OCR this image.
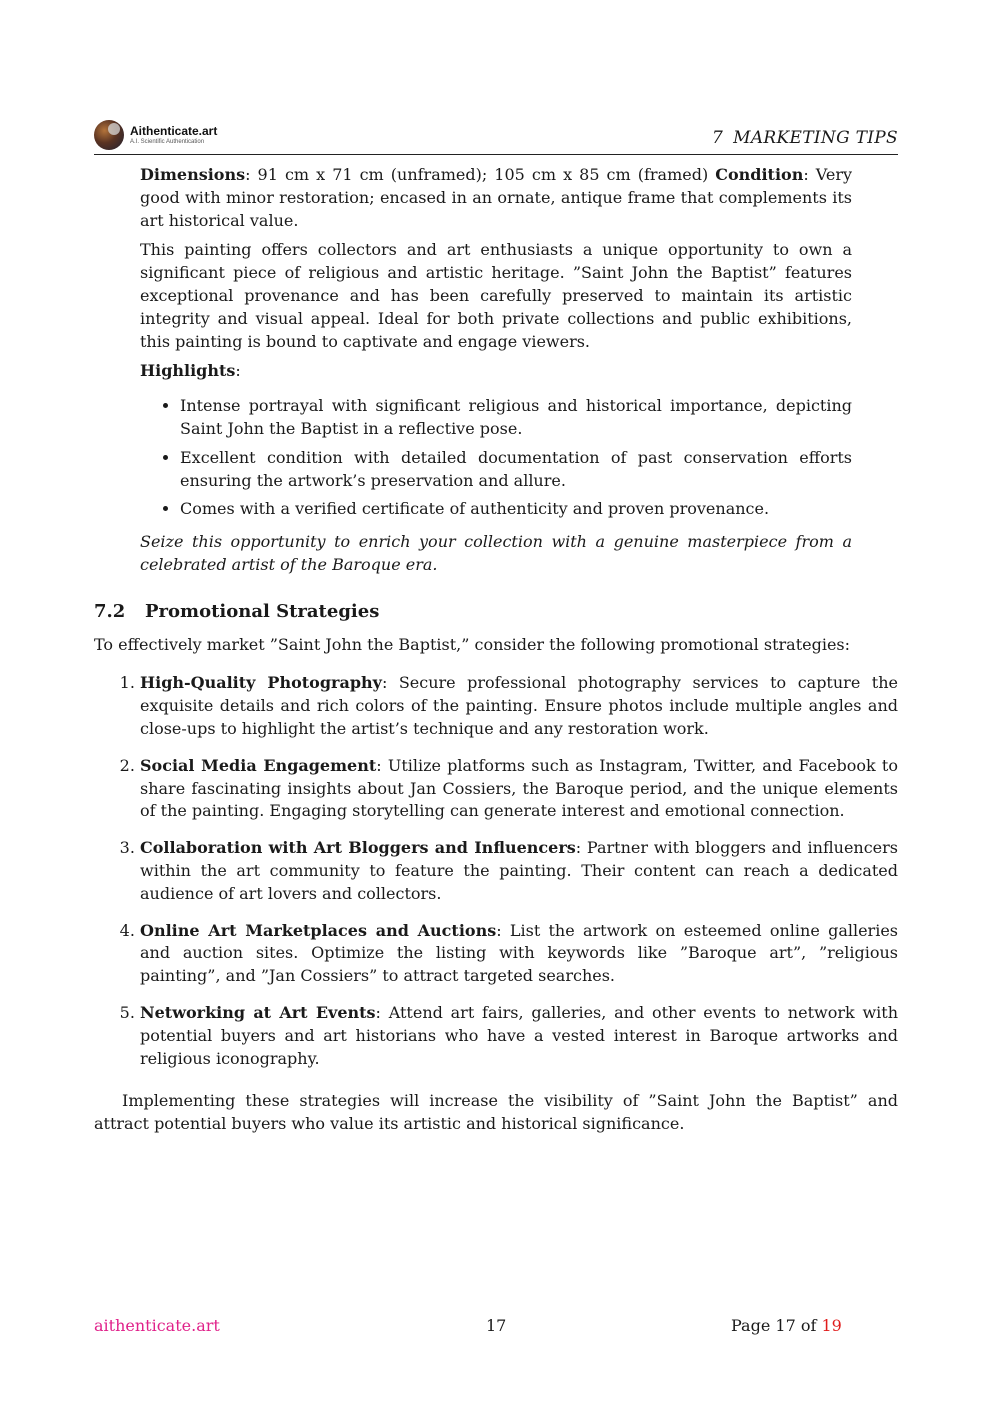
Aithenticate.art
A.I. Scientific Authentication	7 MARKETING TIPS

Dimensions: 91 cm x 71 cm (unframed); 105 cm x 85 cm (framed) Condition: Very good with minor restoration; encased in an ornate, antique frame that complements its art historical value.

This painting offers collectors and art enthusiasts a unique opportunity to own a significant piece of religious and artistic heritage. ”Saint John the Baptist” features exceptional provenance and has been carefully preserved to maintain its artistic integrity and visual appeal. Ideal for both private collections and public exhibitions, this painting is bound to captivate and engage viewers.

Highlights:

• Intense portrayal with significant religious and historical importance, depicting Saint John the Baptist in a reflective pose.
• Excellent condition with detailed documentation of past conservation efforts ensuring the artwork’s preservation and allure.
• Comes with a verified certificate of authenticity and proven provenance.

Seize this opportunity to enrich your collection with a genuine masterpiece from a celebrated artist of the Baroque era.

7.2 Promotional Strategies

To effectively market ”Saint John the Baptist,” consider the following promotional strategies:

1. High-Quality Photography: Secure professional photography services to capture the exquisite details and rich colors of the painting. Ensure photos include multiple angles and close-ups to highlight the artist’s technique and any restoration work.
2. Social Media Engagement: Utilize platforms such as Instagram, Twitter, and Facebook to share fascinating insights about Jan Cossiers, the Baroque period, and the unique elements of the painting. Engaging storytelling can generate interest and emotional connection.
3. Collaboration with Art Bloggers and Influencers: Partner with bloggers and influencers within the art community to feature the painting. Their content can reach a dedicated audience of art lovers and collectors.
4. Online Art Marketplaces and Auctions: List the artwork on esteemed online galleries and auction sites. Optimize the listing with keywords like ”Baroque art”, ”religious painting”, and ”Jan Cossiers” to attract targeted searches.
5. Networking at Art Events: Attend art fairs, galleries, and other events to network with potential buyers and art historians who have a vested interest in Baroque artworks and religious iconography.

Implementing these strategies will increase the visibility of ”Saint John the Baptist” and attract potential buyers who value its artistic and historical significance.

aithenticate.art	17	Page 17 of 19
